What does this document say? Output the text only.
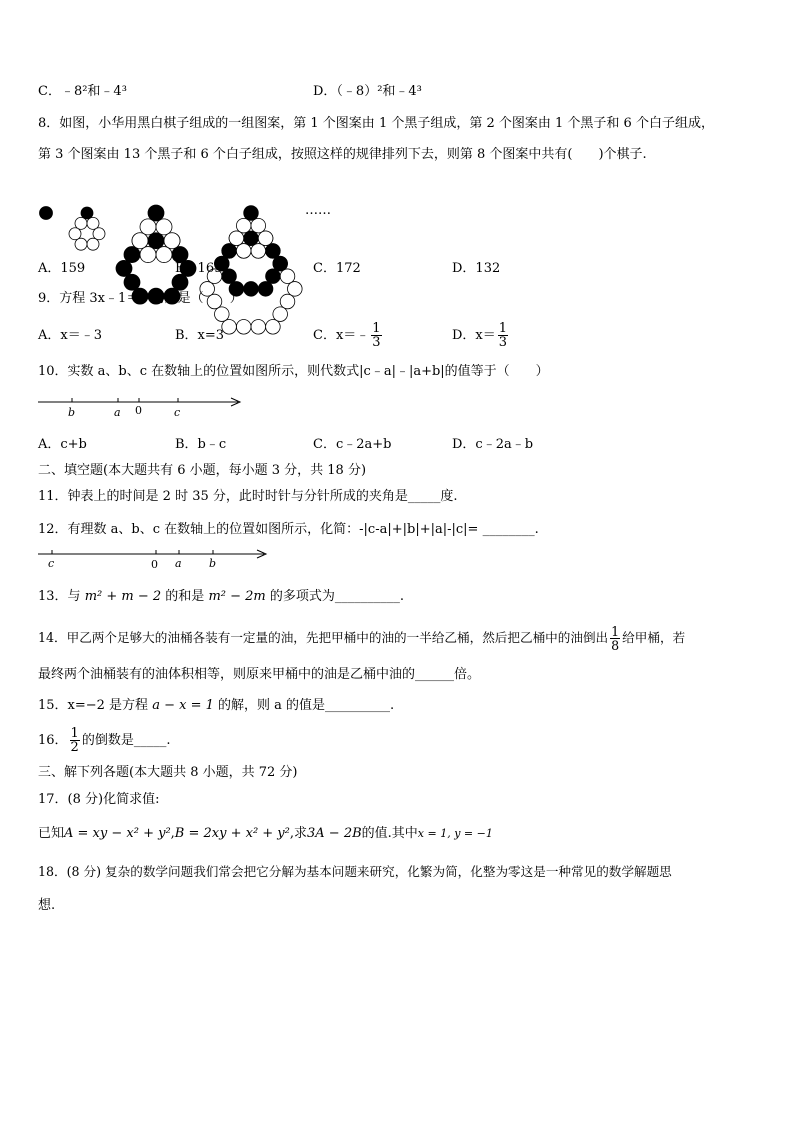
C．﹣8²和﹣4³	D．（﹣8）²和﹣4³
8．如图，小华用黑白棋子组成的一组图案，第 1 个图案由 1 个黑子组成，第 2 个图案由 1 个黑子和 6 个白子组成，
第 3 个图案由 13 个黑子和 6 个白子组成，按照这样的规律排列下去，则第 8 个图案中共有(　　)个棋子.
……
A．159	B．169	C．172	D．132
9．方程 3x﹣1＝0 的解是（　　）
A．x＝﹣3	B．x=3	C．x＝﹣ $\frac{1}{3}$	D．$x= \frac{1}{3}$
10．实数 a、b、c 在数轴上的位置如图所示，则代数式|c﹣a|﹣|a+b|的值等于（　　）
b	a 0	c
A．c+b	B．b﹣c	C．c﹣2a+b	D．c﹣2a﹣b
二、填空题(本大题共有 6 小题，每小题 3 分，共 18 分)
11．钟表上的时间是 2 时 35 分，此时时针与分针所成的夹角是_____度.
12．有理数 a、b、c 在数轴上的位置如图所示，化简：-|c-a|+|b|+|a|-|c|= ________.
c	0 a b
13．与 m² + m − 2 的和是 m² − 2m 的多项式为__________.
14．甲乙两个足够大的油桶各装有一定量的油，先把甲桶中的油的一半给乙桶，然后把乙桶中的油倒出 $\frac{1}{8}$ 给甲桶，若
最终两个油桶装有的油体积相等，则原来甲桶中的油是乙桶中油的______倍。
15．x=−2 是方程 a − x = 1 的解，则 a 的值是__________.
16． $\frac{1}{2}$ 的倒数是_____.
三、解下列各题(本大题共 8 小题，共 72 分)
17．(8 分)化简求值:
已知A = xy − x² + y²,B = 2xy + x² + y²,求3A − 2B的值.其中x = 1, y = −1
18．(8 分) 复杂的数学问题我们常会把它分解为基本问题来研究，化繁为简，化整为零这是一种常见的数学解题思
想.
